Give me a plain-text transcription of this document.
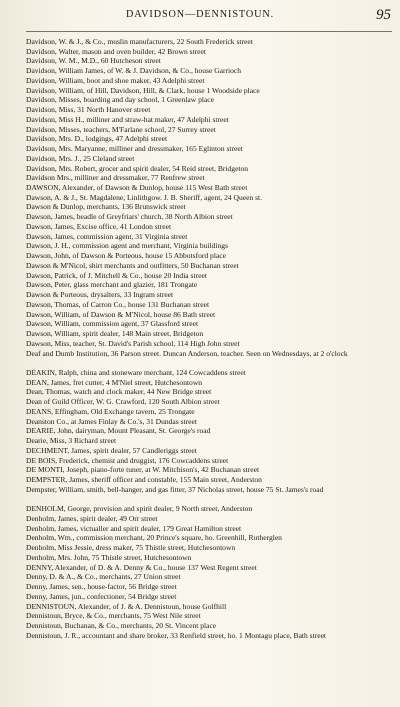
DAVIDSON—DENNISTOUN.	95
Davidson, W. & J., & Co., muslin manufacturers, 22 South Frederick street
Davidson, Walter, mason and oven builder, 42 Brown street
Davidson, W. M., M.D., 60 Hutcheson street
Davidson, William James, of W. & J. Davidson, & Co., house Garrioch
Davidson, William, boot and shoe maker, 43 Adelphi street
Davidson, William, of Hill, Davidson, Hill, & Clark, house 1 Woodside place
Davidson, Misses, boarding and day school, 1 Greenlaw place
Davidson, Miss, 31 North Hanover street
Davidson, Miss H., milliner and straw-hat maker, 47 Adelphi street
Davidson, Misses, teachers, M'Farlane school, 27 Surrey street
Davidson, Mrs. D., lodgings, 47 Adelphi street
Davidson, Mrs. Maryanne, milliner and dressmaker, 165 Eglinton street
Davidson, Mrs. J., 25 Cleland street
Davidson, Mrs. Robert, grocer and spirit dealer, 54 Reid street, Bridgeton
Davidson Mrs., milliner and dressmaker, 77 Renfrew street
DAWSON, Alexander, of Dawson & Dunlop, house 115 West Bath street
Dawson, A. & J., St. Magdalene, Linlithgow. J. B. Sheriff, agent, 24 Queen st.
Dawson & Dunlop, merchants, 136 Brunswick street
Dawson, James, beadle of Greyfriars' church, 38 North Albion street
Dawson, James, Excise office, 41 London street
Dawson, James, commission agent, 31 Virginia street
Dawson, J. H., commission agent and merchant, Virginia buildings
Dawson, John, of Dawson & Porteous, house 15 Abbotsford place
Dawson & M'Nicol, shirt merchants and outfitters, 50 Buchanan street
Dawson, Patrick, of J. Mitchell & Co., house 20 India street
Dawson, Peter, glass merchant and glazier, 181 Trongate
Dawson & Porteous, drysalters, 33 Ingram street
Dawson, Thomas, of Carron Co., house 131 Buchanan street
Dawson, William, of Dawson & M'Nicol, house 86 Bath street
Dawson, William, commission agent, 37 Glassford street
Dawson, William, spirit dealer, 148 Main street, Bridgeton
Dawson, Miss, teacher, St. David's Parish school, 114 High John street
Deaf and Dumb Institution, 36 Parson street. Duncan Anderson, teacher. Seen on Wednesdays, at 2 o'clock
DEAKIN, Ralph, china and stoneware merchant, 124 Cowcaddens street
DEAN, James, fret cutter, 4 M'Niel street, Hutchesontown
Dean, Thomas, watch and clock maker, 44 New Bridge street
Dean of Guild Officer, W. G. Crawford, 120 South Albion street
DEANS, Effingham, Old Exchange tavern, 25 Trongate
Deanston Co., at James Finlay & Co.'s, 31 Dundas street
DEARIE, John, dairyman, Mount Pleasant, St. George's road
Dearie, Miss, 3 Richard street
DECHMENT, James, spirit dealer, 57 Candleriggs street
DE BOIS, Frederick, chemist and druggist, 176 Cowcaddens street
DE MONTI, Joseph, piano-forte tuner, at W. Mitchison's, 42 Buchanan street
DEMPSTER, James, sheriff officer and constable, 155 Main street, Anderston
Dempster, William, smith, bell-hanger, and gas fitter, 37 Nicholas street, house 75 St. James's road
DENHOLM, George, provision and spirit dealer, 9 North street, Anderston
Denholm, James, spirit dealer, 49 Orr street
Denholm, James, victualler and spirit dealer, 179 Great Hamilton street
Denholm, Wm., commission merchant, 20 Prince's square, ho. Greenhill, Rutherglen
Denholm, Miss Jessie, dress maker, 75 Thistle street, Hutchesontown
Denholm, Mrs. John, 75 Thistle street, Hutchesontown
DENNY, Alexander, of D. & A. Denny & Co., house 137 West Regent street
Denny, D. & A., & Co., merchants, 27 Union street
Denny, James, sen., house-factor, 56 Bridge street
Denny, James, jun., confectioner, 54 Bridge street
DENNISTOUN, Alexander, of J. & A. Dennistoun, house Golfhill
Dennistoun, Bryce, & Co., merchants, 75 West Nile street
Dennistoun, Buchanan, & Co., merchants, 20 St. Vincent place
Dennistoun, J. R., accountant and share broker, 33 Renfield street, ho. 1 Montagu place, Bath street
